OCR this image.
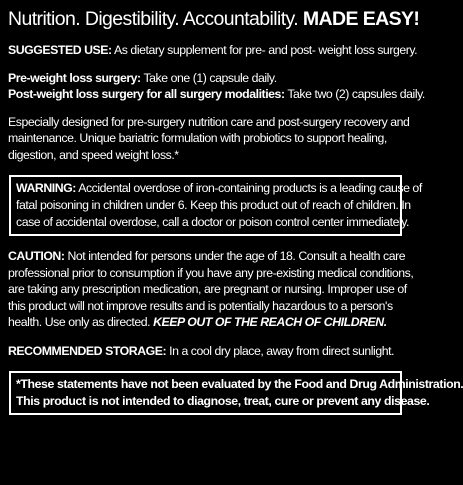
Nutrition. Digestibility. Accountability. MADE EASY!
SUGGESTED USE: As dietary supplement for pre- and post- weight loss surgery.
Pre-weight loss surgery: Take one (1) capsule daily.
Post-weight loss surgery for all surgery modalities: Take two (2) capsules daily.
Especially designed for pre-surgery nutrition care and post-surgery recovery and
maintenance. Unique bariatric formulation with probiotics to support healing,
digestion, and speed weight loss.*
WARNING: Accidental overdose of iron-containing products is a leading cause of
fatal poisoning in children under 6. Keep this product out of reach of children. In
case of accidental overdose, call a doctor or poison control center immediately.
CAUTION: Not intended for persons under the age of 18. Consult a health care
professional prior to consumption if you have any pre-existing medical conditions,
are taking any prescription medication, are pregnant or nursing. Improper use of
this product will not improve results and is potentially hazardous to a person's
health. Use only as directed. KEEP OUT OF THE REACH OF CHILDREN.
RECOMMENDED STORAGE: In a cool dry place, away from direct sunlight.
*These statements have not been evaluated by the Food and Drug Administration.
This product is not intended to diagnose, treat, cure or prevent any disease.
